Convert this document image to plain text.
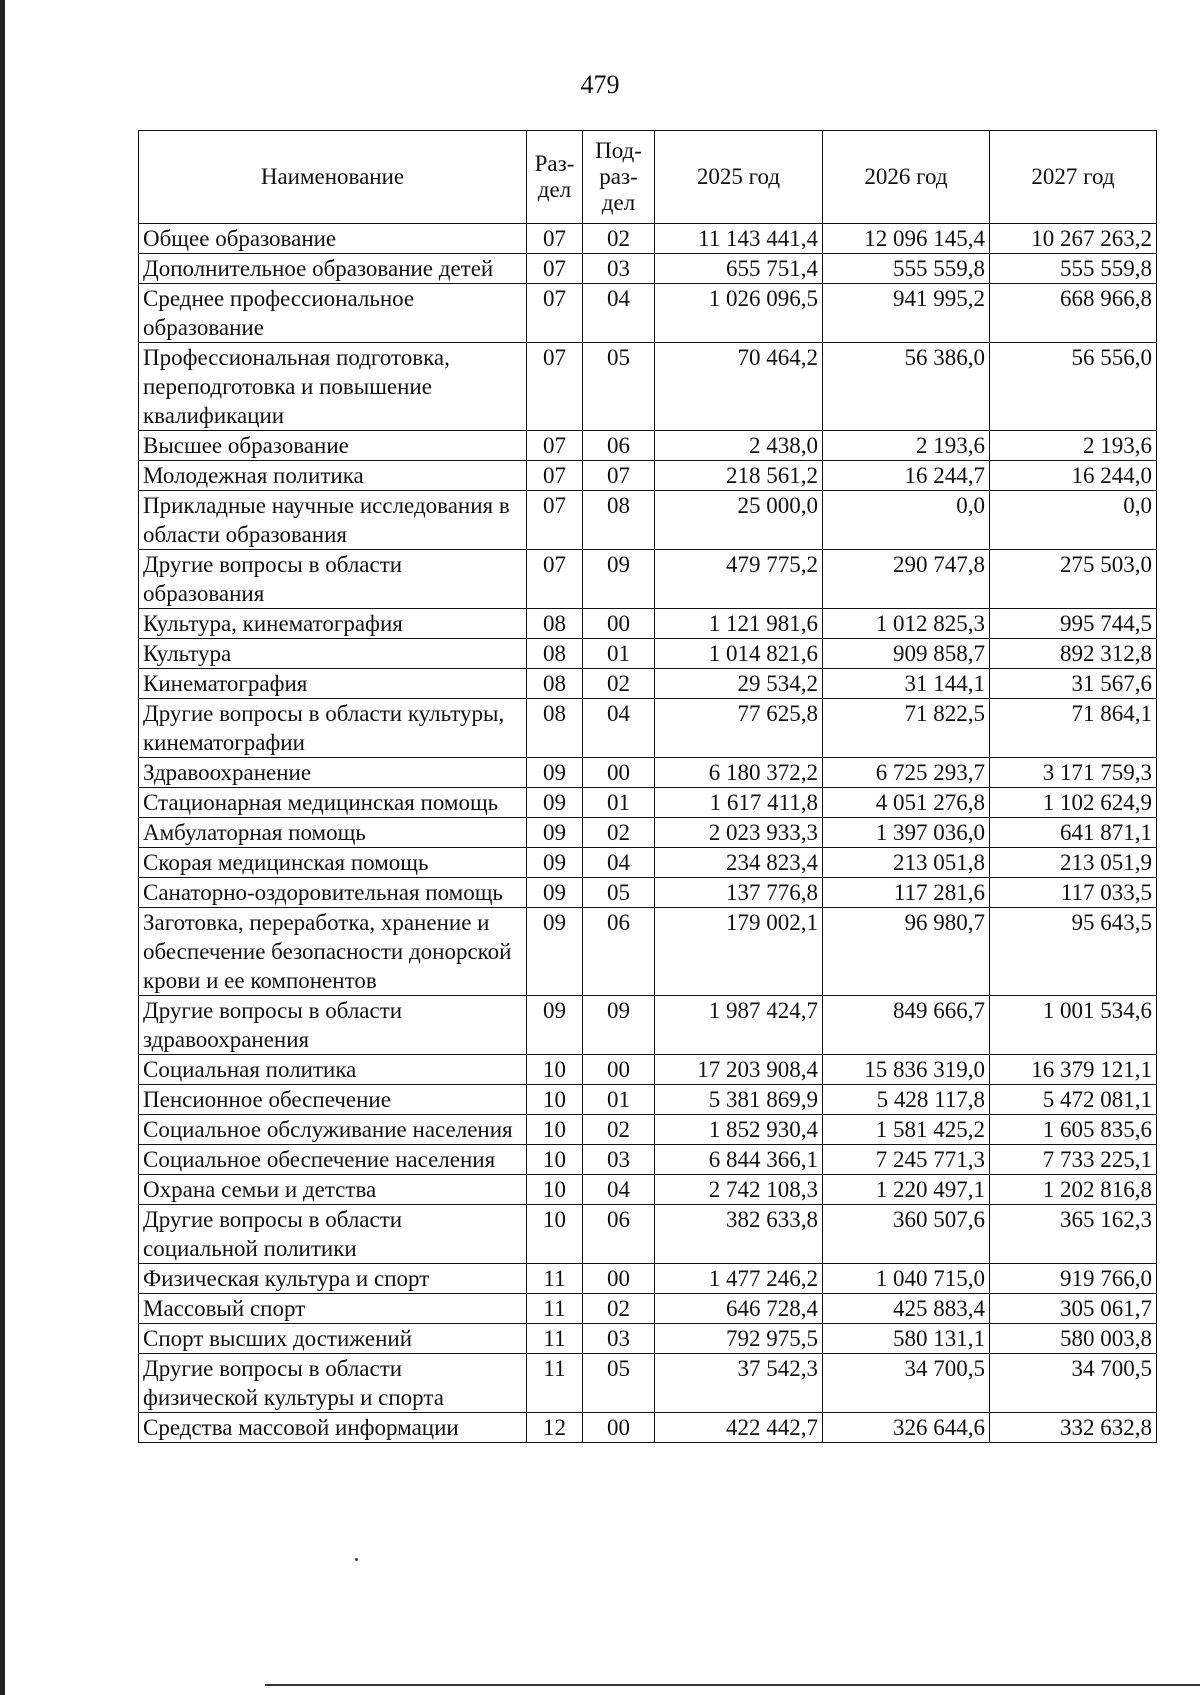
479
Наименование	Раз-дел	Под-раз-дел	2025 год	2026 год	2027 год
Общее образование	07	02	11 143 441,4	12 096 145,4	10 267 263,2
Дополнительное образование детей	07	03	655 751,4	555 559,8	555 559,8
Среднее профессиональное образование	07	04	1 026 096,5	941 995,2	668 966,8
Профессиональная подготовка, переподготовка и повышение квалификации	07	05	70 464,2	56 386,0	56 556,0
Высшее образование	07	06	2 438,0	2 193,6	2 193,6
Молодежная политика	07	07	218 561,2	16 244,7	16 244,0
Прикладные научные исследования в области образования	07	08	25 000,0	0,0	0,0
Другие вопросы в области образования	07	09	479 775,2	290 747,8	275 503,0
Культура, кинематография	08	00	1 121 981,6	1 012 825,3	995 744,5
Культура	08	01	1 014 821,6	909 858,7	892 312,8
Кинематография	08	02	29 534,2	31 144,1	31 567,6
Другие вопросы в области культуры, кинематографии	08	04	77 625,8	71 822,5	71 864,1
Здравоохранение	09	00	6 180 372,2	6 725 293,7	3 171 759,3
Стационарная медицинская помощь	09	01	1 617 411,8	4 051 276,8	1 102 624,9
Амбулаторная помощь	09	02	2 023 933,3	1 397 036,0	641 871,1
Скорая медицинская помощь	09	04	234 823,4	213 051,8	213 051,9
Санаторно-оздоровительная помощь	09	05	137 776,8	117 281,6	117 033,5
Заготовка, переработка, хранение и обеспечение безопасности донорской крови и ее компонентов	09	06	179 002,1	96 980,7	95 643,5
Другие вопросы в области здравоохранения	09	09	1 987 424,7	849 666,7	1 001 534,6
Социальная политика	10	00	17 203 908,4	15 836 319,0	16 379 121,1
Пенсионное обеспечение	10	01	5 381 869,9	5 428 117,8	5 472 081,1
Социальное обслуживание населения	10	02	1 852 930,4	1 581 425,2	1 605 835,6
Социальное обеспечение населения	10	03	6 844 366,1	7 245 771,3	7 733 225,1
Охрана семьи и детства	10	04	2 742 108,3	1 220 497,1	1 202 816,8
Другие вопросы в области социальной политики	10	06	382 633,8	360 507,6	365 162,3
Физическая культура и спорт	11	00	1 477 246,2	1 040 715,0	919 766,0
Массовый спорт	11	02	646 728,4	425 883,4	305 061,7
Спорт высших достижений	11	03	792 975,5	580 131,1	580 003,8
Другие вопросы в области физической культуры и спорта	11	05	37 542,3	34 700,5	34 700,5
Средства массовой информации	12	00	422 442,7	326 644,6	332 632,8
